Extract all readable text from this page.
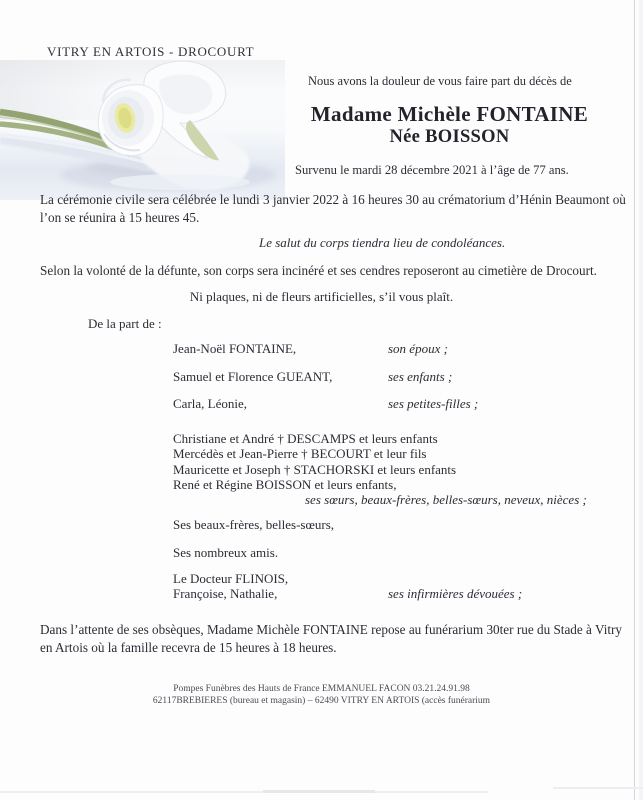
VITRY EN ARTOIS - DROCOURT
Nous avons la douleur de vous faire part du décès de
Madame Michèle FONTAINE
Née BOISSON
Survenu le mardi 28 décembre 2021 à l’âge de 77 ans.
La cérémonie civile sera célébrée le lundi 3 janvier 2022 à 16 heures 30 au crématorium d’Hénin Beaumont où l’on se réunira à 15 heures 45.
Le salut du corps tiendra lieu de condoléances.
Selon la volonté de la défunte, son corps sera incinéré et ses cendres reposeront au cimetière de Drocourt.
Ni plaques, ni de fleurs artificielles, s’il vous plaît.
De la part de :
Jean-Noël FONTAINE,	son époux ;
Samuel et Florence GUEANT,	ses enfants ;
Carla, Léonie,	ses petites-filles ;
Christiane et André † DESCAMPS et leurs enfants
Mercédès et Jean-Pierre † BECOURT et leur fils
Mauricette et Joseph † STACHORSKI et leurs enfants
René et Régine BOISSON et leurs enfants,
ses sœurs, beaux-frères, belles-sœurs, neveux, nièces ;
Ses beaux-frères, belles-sœurs,
Ses nombreux amis.
Le Docteur FLINOIS,
Françoise, Nathalie,	ses infirmières dévouées ;
Dans l’attente de ses obsèques, Madame Michèle FONTAINE repose au funérarium 30ter rue du Stade à Vitry en Artois où la famille recevra de 15 heures à 18 heures.
Pompes Funèbres des Hauts de France EMMANUEL FACON 03.21.24.91.98
62117BREBIERES (bureau et magasin) – 62490 VITRY EN ARTOIS (accès funérarium
